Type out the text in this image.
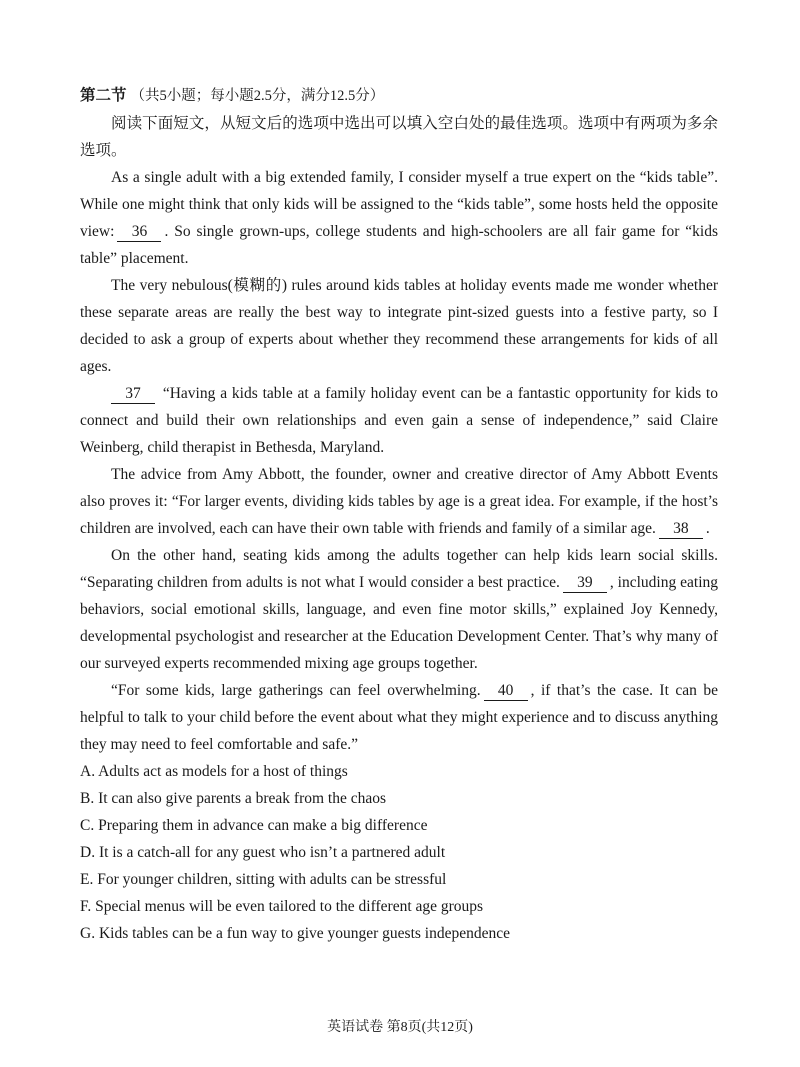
第二节 （共5小题；每小题2.5分，满分12.5分）

阅读下面短文，从短文后的选项中选出可以填入空白处的最佳选项。选项中有两项为多余选项。

As a single adult with a big extended family, I consider myself a true expert on the “kids table”. While one might think that only kids will be assigned to the “kids table”, some hosts held the opposite view: 36 . So single grown-ups, college students and high-schoolers are all fair game for “kids table” placement.

The very nebulous(模糊的) rules around kids tables at holiday events made me wonder whether these separate areas are really the best way to integrate pint-sized guests into a festive party, so I decided to ask a group of experts about whether they recommend these arrangements for kids of all ages.

37 “Having a kids table at a family holiday event can be a fantastic opportunity for kids to connect and build their own relationships and even gain a sense of independence,” said Claire Weinberg, child therapist in Bethesda, Maryland.

The advice from Amy Abbott, the founder, owner and creative director of Amy Abbott Events also proves it: “For larger events, dividing kids tables by age is a great idea. For example, if the host’s children are involved, each can have their own table with friends and family of a similar age. 38 .

On the other hand, seating kids among the adults together can help kids learn social skills. “Separating children from adults is not what I would consider a best practice. 39 , including eating behaviors, social emotional skills, language, and even fine motor skills,” explained Joy Kennedy, developmental psychologist and researcher at the Education Development Center. That’s why many of our surveyed experts recommended mixing age groups together.

“For some kids, large gatherings can feel overwhelming. 40 , if that’s the case. It can be helpful to talk to your child before the event about what they might experience and to discuss anything they may need to feel comfortable and safe.”

A. Adults act as models for a host of things
B. It can also give parents a break from the chaos
C. Preparing them in advance can make a big difference
D. It is a catch-all for any guest who isn’t a partnered adult
E. For younger children, sitting with adults can be stressful
F. Special menus will be even tailored to the different age groups
G. Kids tables can be a fun way to give younger guests independence
英语试卷 第8页(共12页)
